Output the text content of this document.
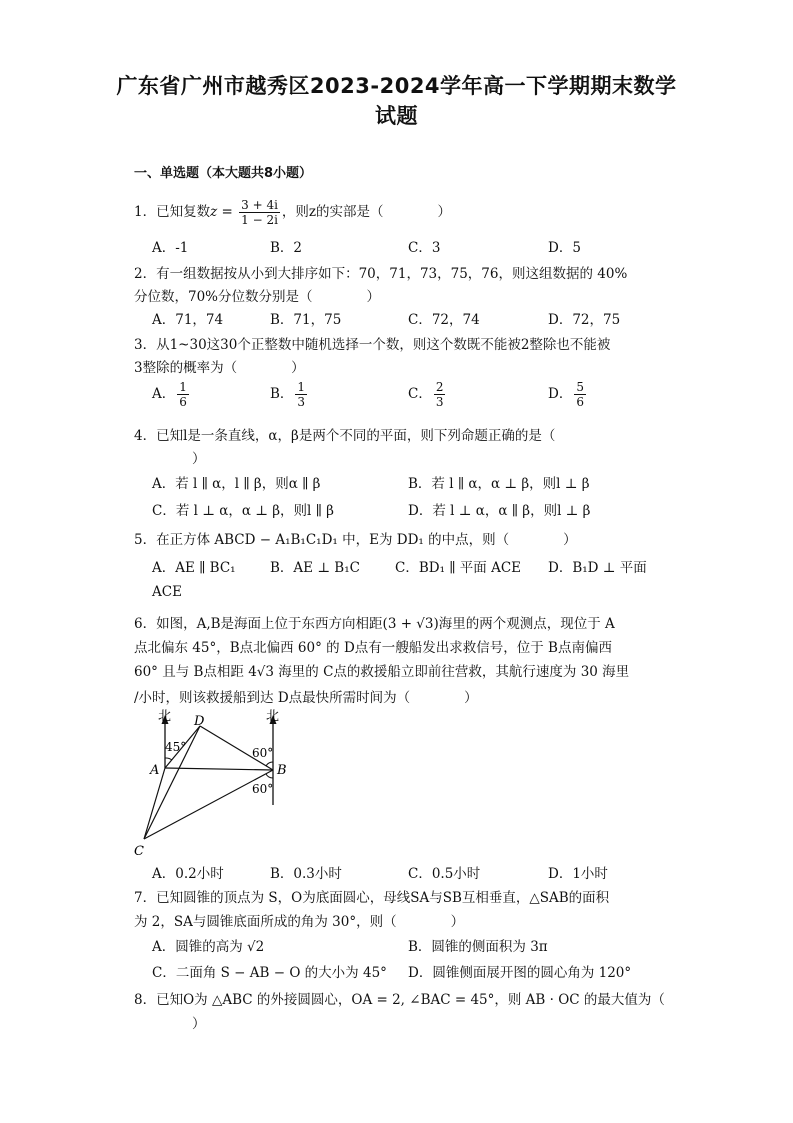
广东省广州市越秀区2023-2024学年高一下学期期末数学
试题
一、单选题（本大题共8小题）
1．已知复数$z = \frac{3 + 4i}{1 - 2i}$ ，则z的实部是（　　　　）
A．-1	B．2	C．3	D．5
2．有一组数据按从小到大排序如下：70，71，73，75，76，则这组数据的 40%
分位数，70%分位数分别是（　　　　）
A．71，74	B．71，75	C．72，74	D．72，75
3．从1~30这30个正整数中随机选择一个数，则这个数既不能被2整除也不能被
3整除的概率为（　　　　）
A． $\frac{1}{6}$	B． $\frac{1}{3}$	C． $\frac{2}{3}$	D． $\frac{5}{6}$
4．已知l是一条直线，α，β是两个不同的平面，则下列命题正确的是（
）
A．若 l ∥ α，l ∥ β，则α ∥ β	B．若 l ∥ α，α ⊥ β，则l ⊥ β
C．若 l ⊥ α，α ⊥ β，则l ∥ β	D．若 l ⊥ α，α ∥ β，则l ⊥ β
5．在正方体 ABCD − A₁B₁C₁D₁ 中，E为 DD₁ 的中点，则（　　　　）
A．AE ∥ BC₁	B．AE ⊥ B₁C	C．BD₁ ∥ 平面 ACE D．B₁D ⊥ 平面
ACE
6．如图，A,B是海面上位于东西方向相距(3 + √3)海里的两个观测点，现位于 A
点北偏东 45°，B点北偏西 60° 的 D点有一艘船发出求救信号，位于 B点南偏西
60° 且与 B点相距 4√3 海里的 C点的救援船立即前往营救，其航行速度为 30 海里
/小时，则该救援船到达 D点最快所需时间为（　　　　）
北	北
D
A	B
C
45°	60°
60°
A．0.2小时	B．0.3小时	C．0.5小时	D．1小时
7．已知圆锥的顶点为 S，O为底面圆心，母线SA与SB互相垂直，△SAB的面积
为 2，SA与圆锥底面所成的角为 30°，则（　　　　）
A．圆锥的高为 √2	B．圆锥的侧面积为 3π
C．二面角 S − AB − O 的大小为 45° D．圆锥侧面展开图的圆心角为 120°
8．已知O为 △ABC 的外接圆圆心，OA = 2, ∠BAC = 45°，则 AB · OC 的最大值为（
）
